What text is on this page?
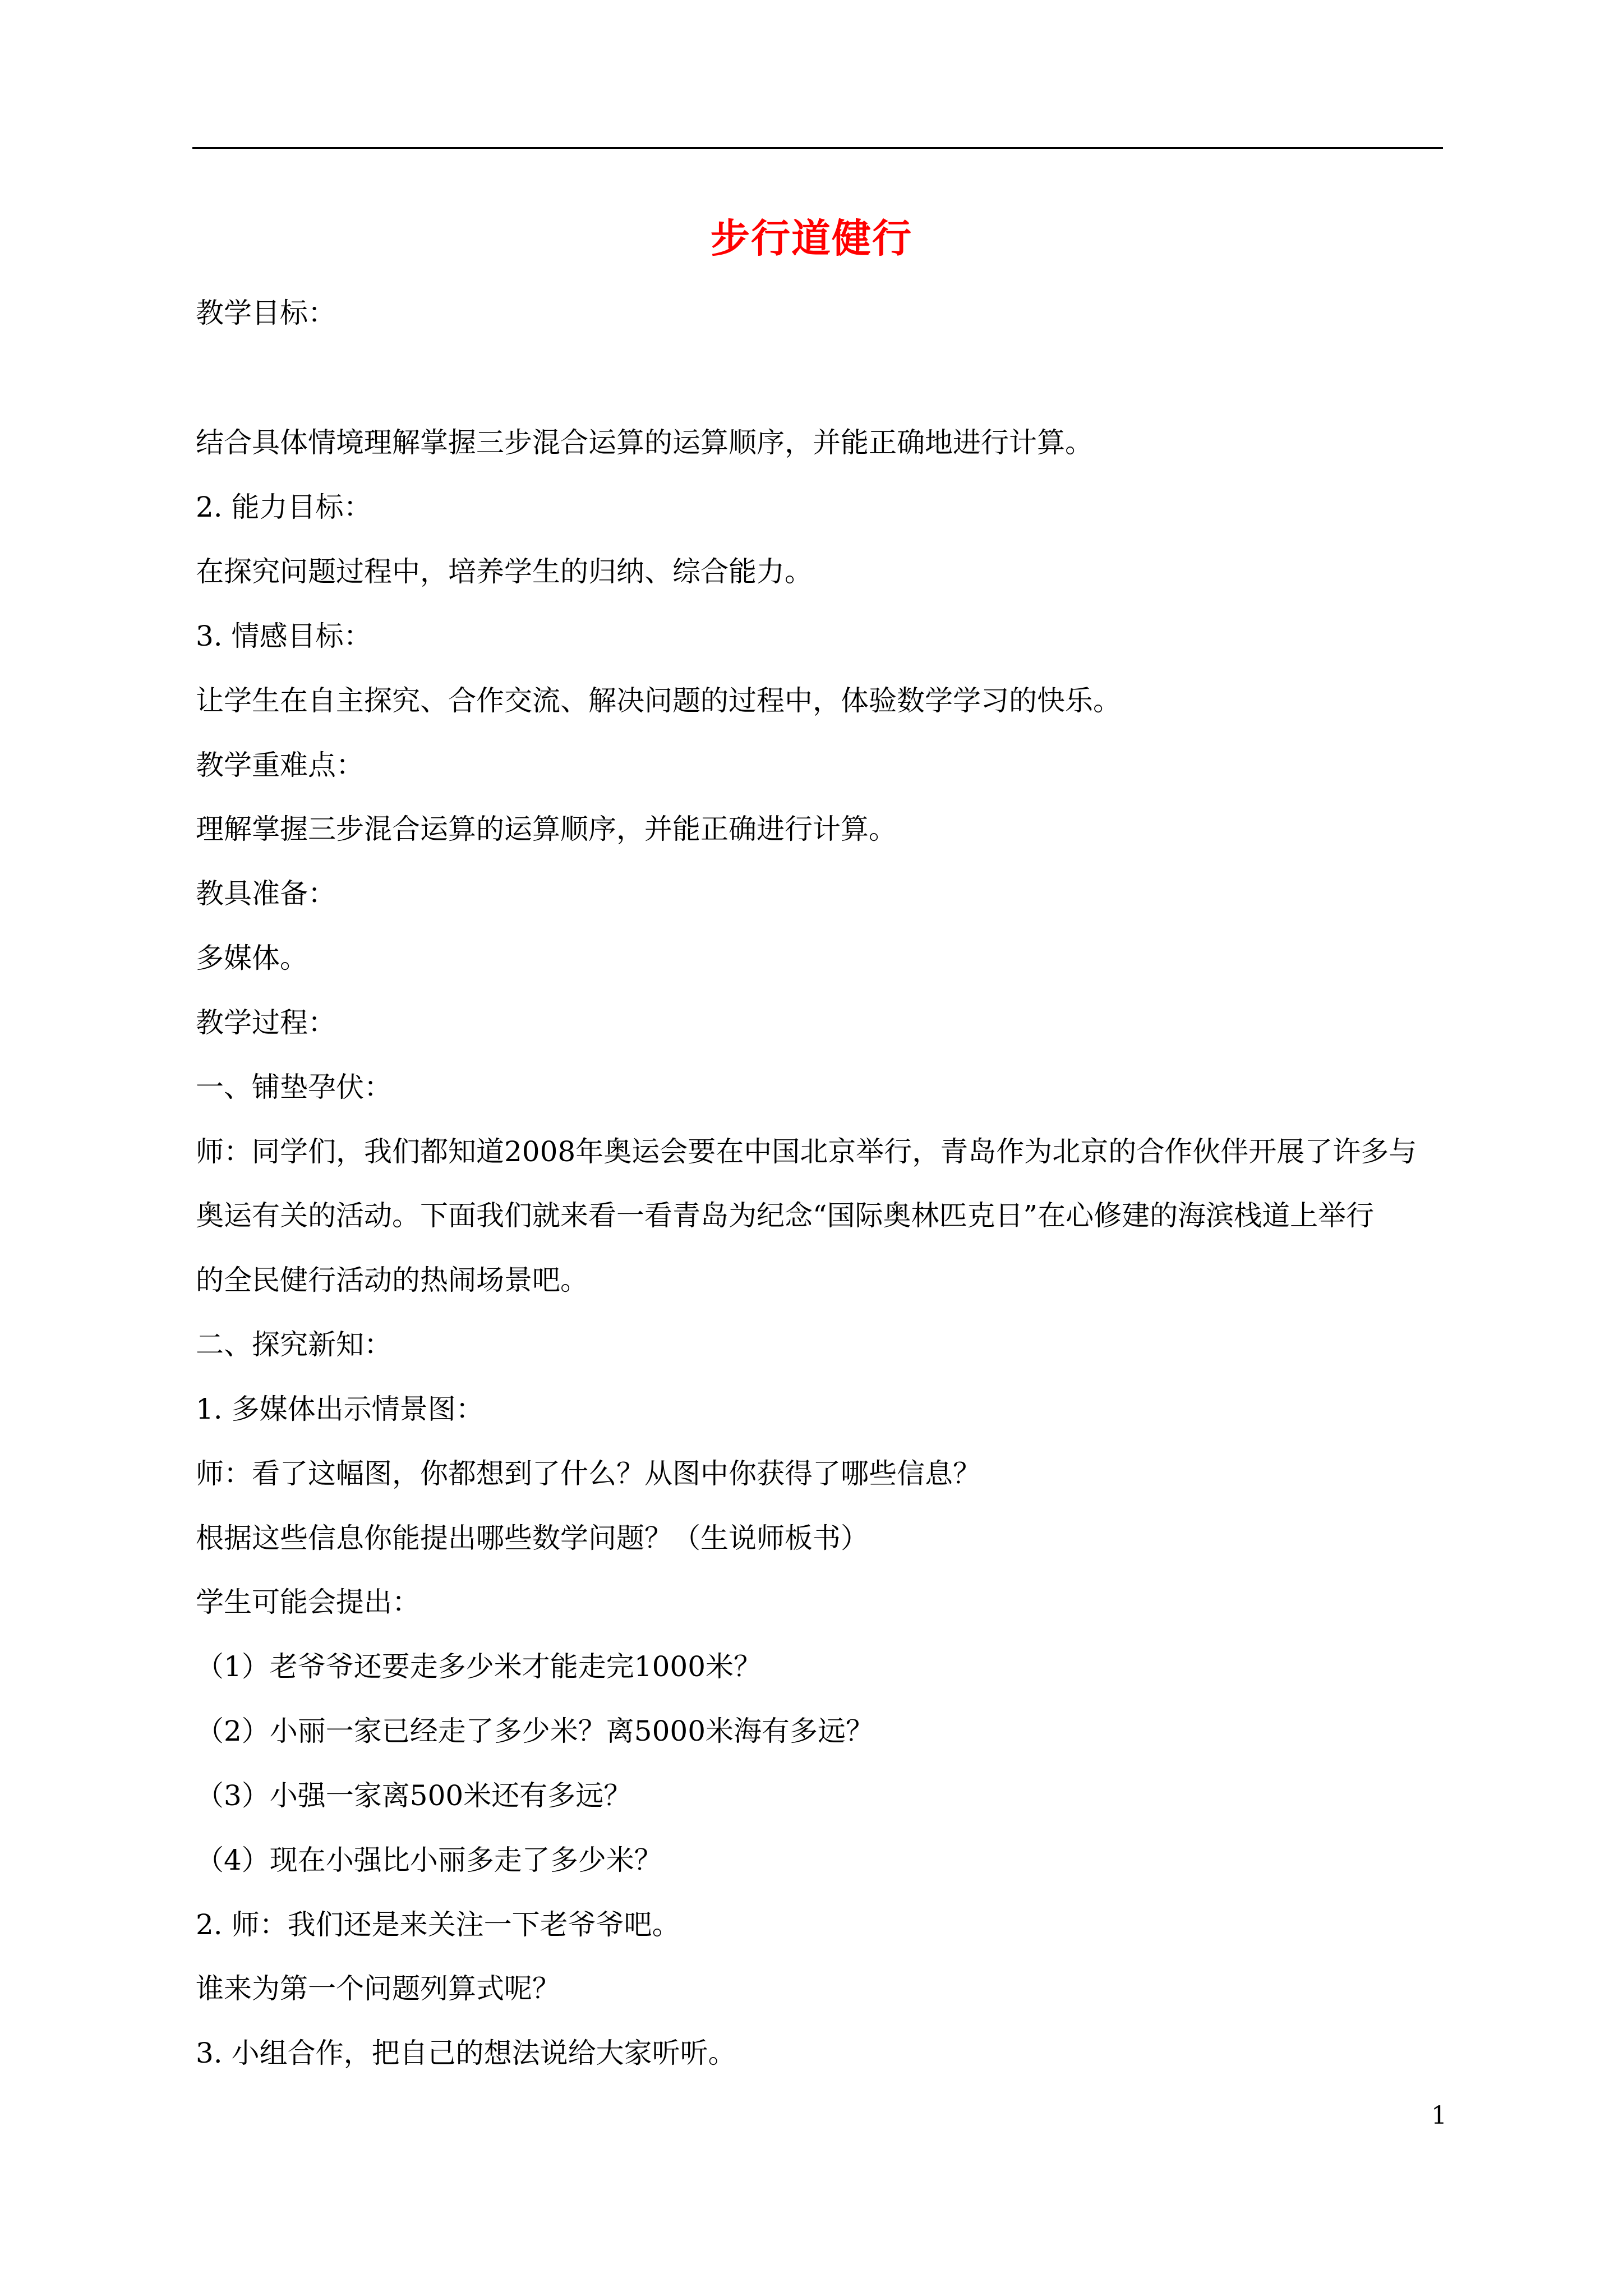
步行道健行
教学目标：
结合具体情境理解掌握三步混合运算的运算顺序，并能正确地进行计算。
2. 能力目标：
在探究问题过程中，培养学生的归纳、综合能力。
3. 情感目标：
让学生在自主探究、合作交流、解决问题的过程中，体验数学学习的快乐。
教学重难点：
理解掌握三步混合运算的运算顺序，并能正确进行计算。
教具准备：
多媒体。
教学过程：
一、铺垫孕伏：
师：同学们，我们都知道2008年奥运会要在中国北京举行，青岛作为北京的合作伙伴开展了许多与
奥运有关的活动。下面我们就来看一看青岛为纪念“国际奥林匹克日”在心修建的海滨栈道上举行
的全民健行活动的热闹场景吧。
二、探究新知：
1. 多媒体出示情景图：
师：看了这幅图，你都想到了什么？从图中你获得了哪些信息？
根据这些信息你能提出哪些数学问题？（生说师板书）
学生可能会提出：
（1）老爷爷还要走多少米才能走完1000米？
（2）小丽一家已经走了多少米？离5000米海有多远？
（3）小强一家离500米还有多远？
（4）现在小强比小丽多走了多少米？
2. 师：我们还是来关注一下老爷爷吧。
谁来为第一个问题列算式呢？
3. 小组合作，把自己的想法说给大家听听。
1
